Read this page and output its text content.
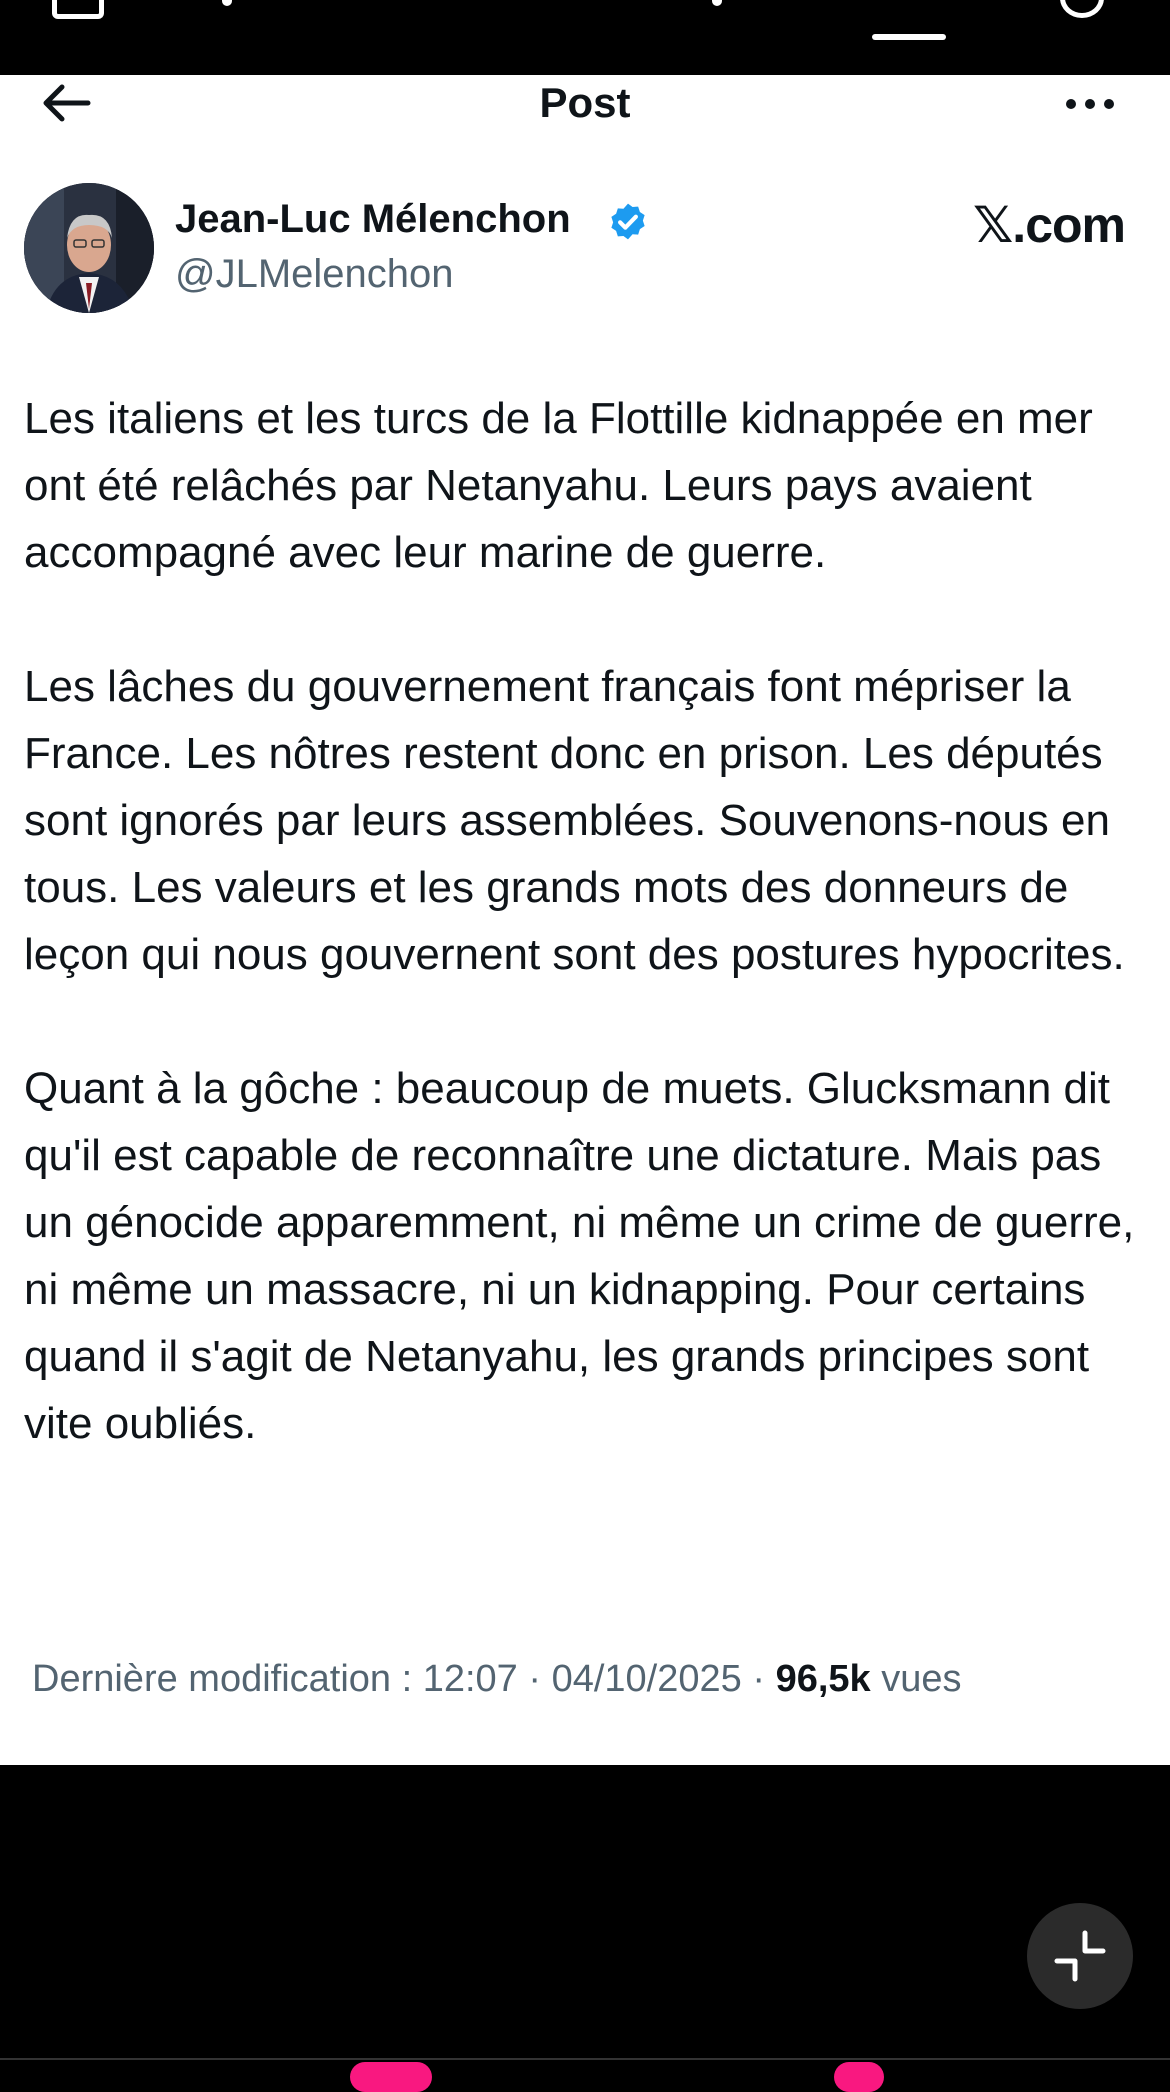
Post
Jean-Luc Mélenchon
@JLMelenchon
𝕏.com

Les italiens et les turcs de la Flottille kidnappée en mer ont été relâchés par Netanyahu. Leurs pays avaient accompagné avec leur marine de guerre.

Les lâches du gouvernement français font mépriser la France. Les nôtres restent donc en prison. Les députés sont ignorés par leurs assemblées. Souvenons-nous en tous. Les valeurs et les grands mots des donneurs de leçon qui nous gouvernent sont des postures hypocrites.

Quant à la gôche : beaucoup de muets. Glucksmann dit qu'il est capable de reconnaître une dictature. Mais pas un génocide apparemment, ni même un crime de guerre, ni même un massacre, ni un kidnapping. Pour certains quand il s'agit de Netanyahu, les grands principes sont vite oubliés.

Dernière modification : 12:07 · 04/10/2025 · 96,5k vues
